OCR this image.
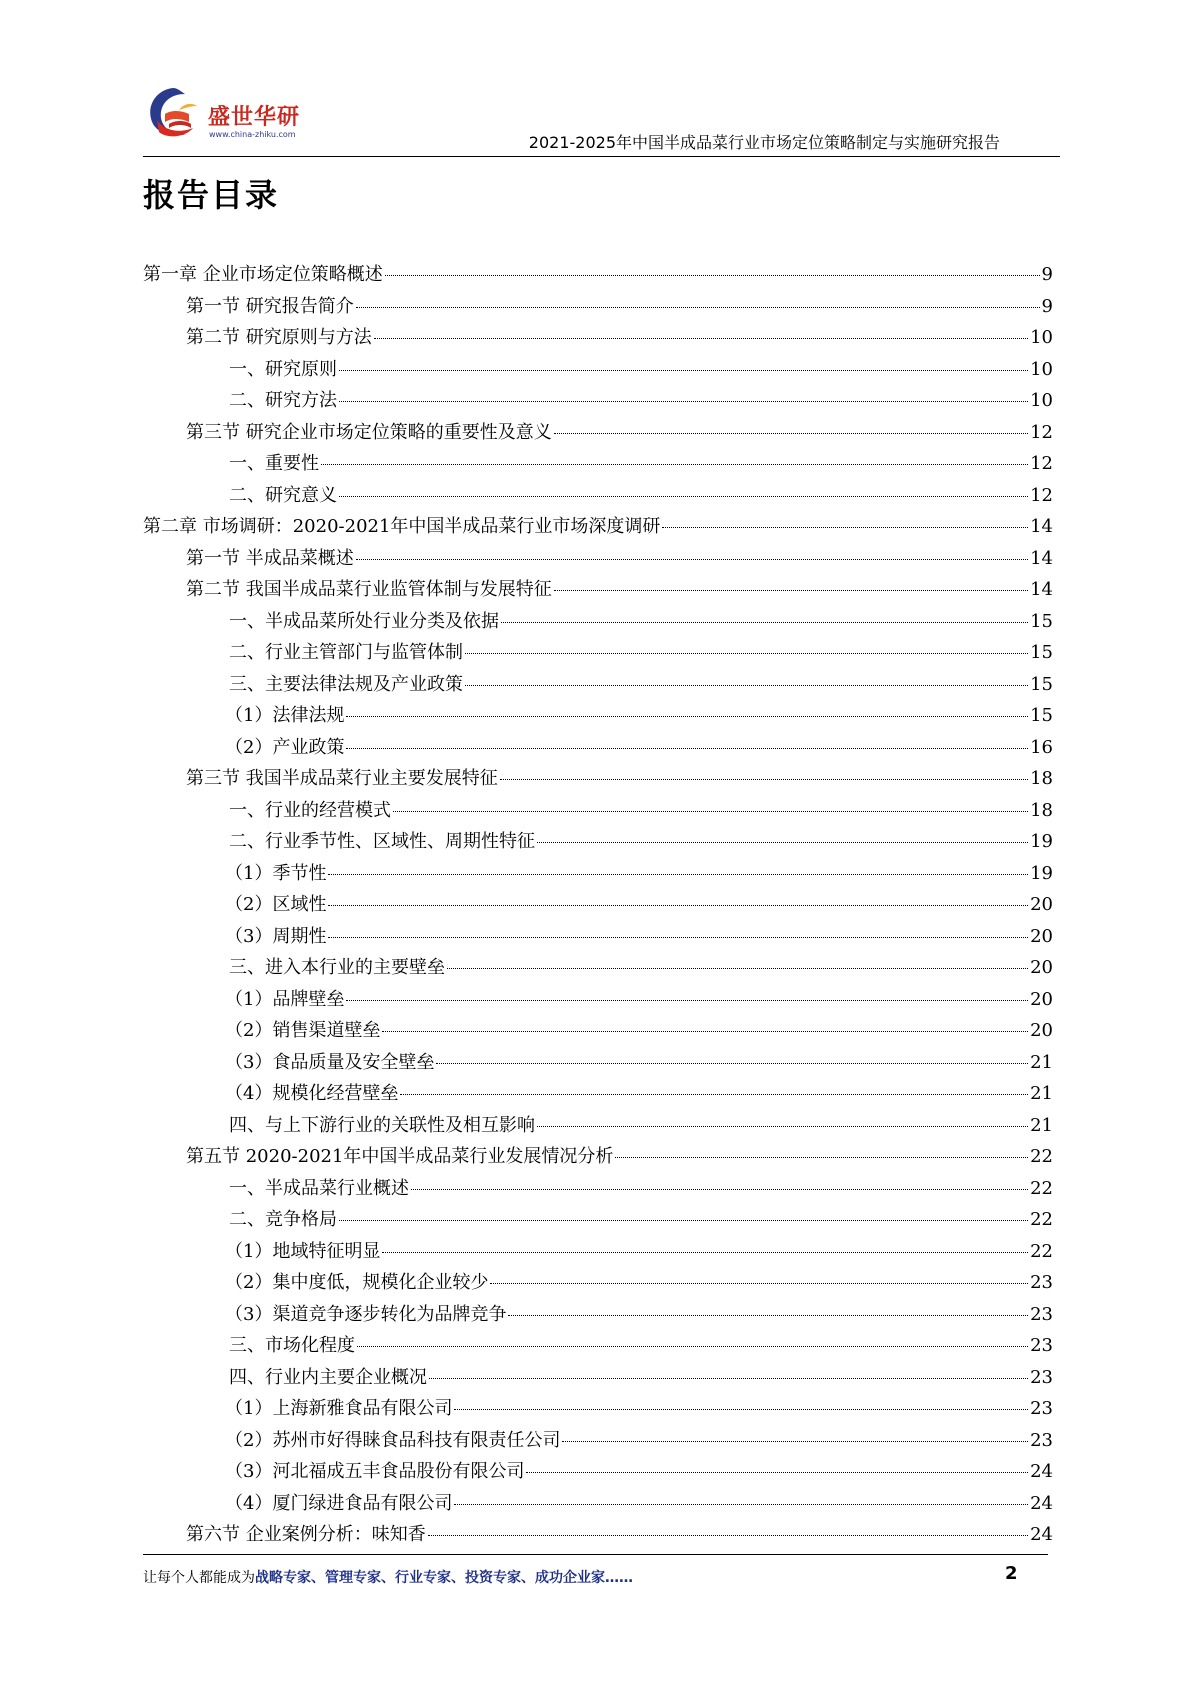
盛世华研
www.china-zhiku.com	2021-2025年中国半成品菜行业市场定位策略制定与实施研究报告
报告目录
第一章 企业市场定位策略概述	9
第一节 研究报告简介	9
第二节 研究原则与方法	10
一、研究原则	10
二、研究方法	10
第三节 研究企业市场定位策略的重要性及意义	12
一、重要性	12
二、研究意义	12
第二章 市场调研：2020-2021年中国半成品菜行业市场深度调研	14
第一节 半成品菜概述	14
第二节 我国半成品菜行业监管体制与发展特征	14
一、半成品菜所处行业分类及依据	15
二、行业主管部门与监管体制	15
三、主要法律法规及产业政策	15
（1）法律法规	15
（2）产业政策	16
第三节 我国半成品菜行业主要发展特征	18
一、行业的经营模式	18
二、行业季节性、区域性、周期性特征	19
（1）季节性	19
（2）区域性	20
（3）周期性	20
三、进入本行业的主要壁垒	20
（1）品牌壁垒	20
（2）销售渠道壁垒	20
（3）食品质量及安全壁垒	21
（4）规模化经营壁垒	21
四、与上下游行业的关联性及相互影响	21
第五节 2020-2021年中国半成品菜行业发展情况分析	22
一、半成品菜行业概述	22
二、竞争格局	22
（1）地域特征明显	22
（2）集中度低，规模化企业较少	23
（3）渠道竞争逐步转化为品牌竞争	23
三、市场化程度	23
四、行业内主要企业概况	23
（1）上海新雅食品有限公司	23
（2）苏州市好得睐食品科技有限责任公司	23
（3）河北福成五丰食品股份有限公司	24
（4）厦门绿进食品有限公司	24
第六节 企业案例分析：味知香	24
让每个人都能成为战略专家、管理专家、行业专家、投资专家、成功企业家……	2
